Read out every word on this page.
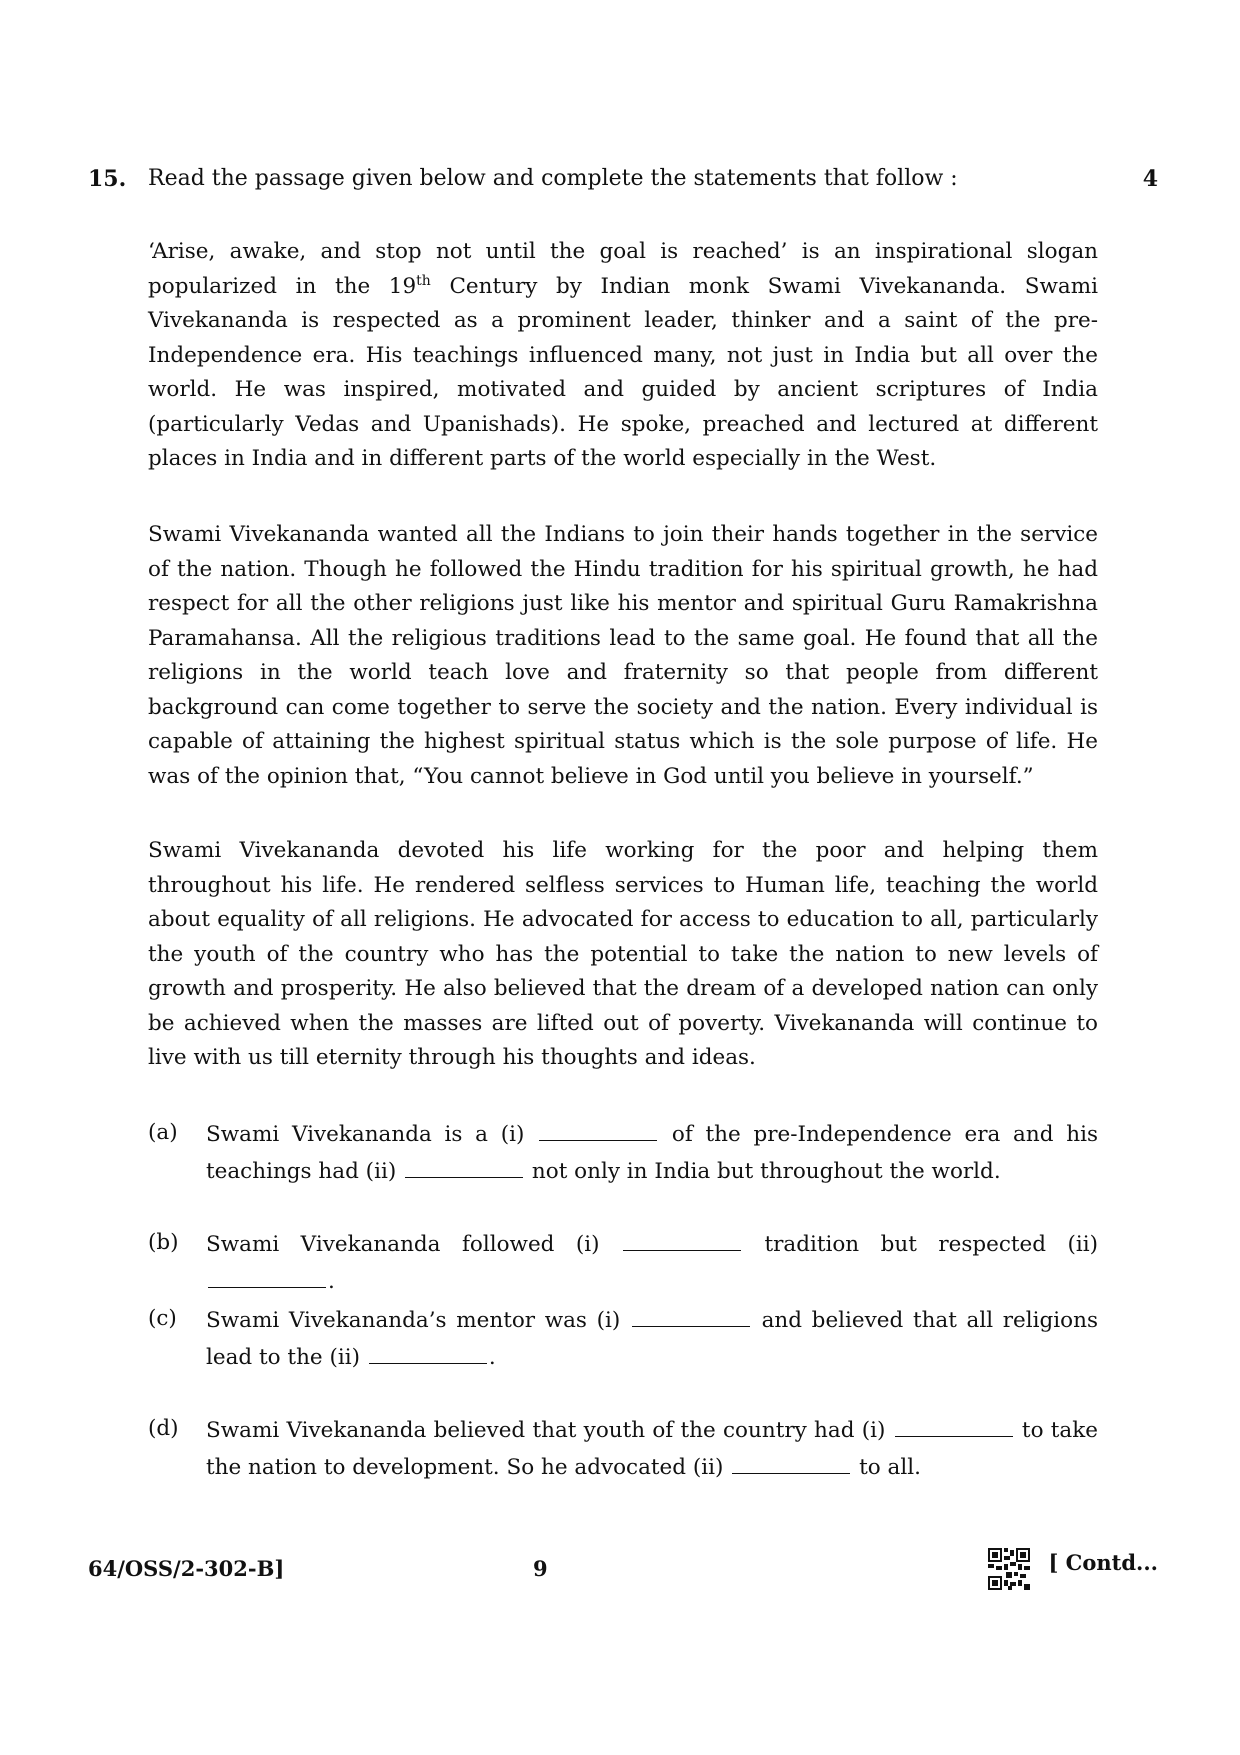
15. Read the passage given below and complete the statements that follow :	4

‘Arise, awake, and stop not until the goal is reached’ is an inspirational slogan popularized in the 19th Century by Indian monk Swami Vivekananda. Swami Vivekananda is respected as a prominent leader, thinker and a saint of the pre-Independence era. His teachings influenced many, not just in India but all over the world. He was inspired, motivated and guided by ancient scriptures of India (particularly Vedas and Upanishads). He spoke, preached and lectured at different places in India and in different parts of the world especially in the West.

Swami Vivekananda wanted all the Indians to join their hands together in the service of the nation. Though he followed the Hindu tradition for his spiritual growth, he had respect for all the other religions just like his mentor and spiritual Guru Ramakrishna Paramahansa. All the religious traditions lead to the same goal. He found that all the religions in the world teach love and fraternity so that people from different background can come together to serve the society and the nation. Every individual is capable of attaining the highest spiritual status which is the sole purpose of life. He was of the opinion that, “You cannot believe in God until you believe in yourself.”

Swami Vivekananda devoted his life working for the poor and helping them throughout his life. He rendered selfless services to Human life, teaching the world about equality of all religions. He advocated for access to education to all, particularly the youth of the country who has the potential to take the nation to new levels of growth and prosperity. He also believed that the dream of a developed nation can only be achieved when the masses are lifted out of poverty. Vivekananda will continue to live with us till eternity through his thoughts and ideas.

(a) Swami Vivekananda is a (i)	of the pre-Independence era and his teachings had (ii)	not only in India but throughout the world.
(b) Swami Vivekananda followed (i)	tradition but respected (ii) .
(c) Swami Vivekananda’s mentor was (i)	and believed that all religions lead to the (ii)	.
(d) Swami Vivekananda believed that youth of the country had (i)	to take the nation to development. So he advocated (ii)	to all.
64/OSS/2-302-B]	9	[ Contd...
